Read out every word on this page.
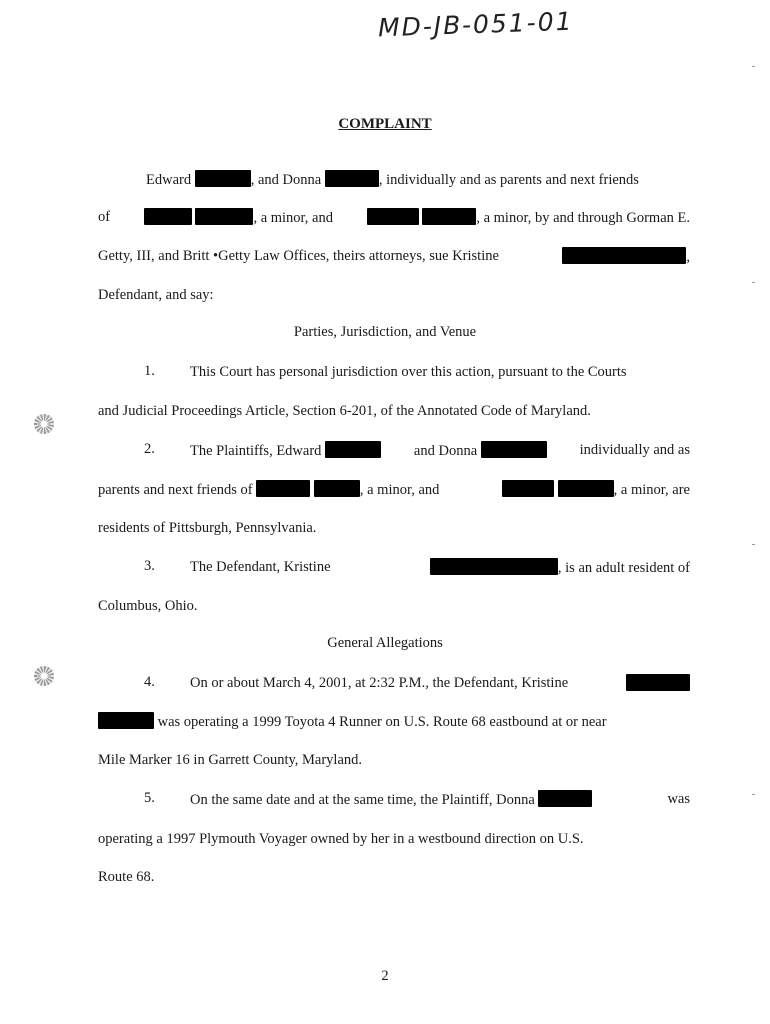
MD-JB-051-01
COMPLAINT
Edward	, and Donna	, individually and as parents and next friends
of	, a minor, and	, a minor, by and through Gorman E.
Getty, III, and Britt •Getty Law Offices, theirs attorneys, sue Kristine	,
Defendant, and say:
Parties, Jurisdiction, and Venue
1. This Court has personal jurisdiction over this action, pursuant to the Courts
and Judicial Proceedings Article, Section 6-201, of the Annotated Code of Maryland.
2. The Plaintiffs, Edward	and Donna	individually and as
parents and next friends of	, a minor, and	, a minor, are
residents of Pittsburgh, Pennsylvania.
3. The Defendant, Kristine	, is an adult resident of
Columbus, Ohio.
General Allegations
4. On or about March 4, 2001, at 2:32 P.M., the Defendant, Kristine
was operating a 1999 Toyota 4 Runner on U.S. Route 68 eastbound at or near
Mile Marker 16 in Garrett County, Maryland.
5. On the same date and at the same time, the Plaintiff, Donna	was
operating a 1997 Plymouth Voyager owned by her in a westbound direction on U.S.
Route 68.
2
